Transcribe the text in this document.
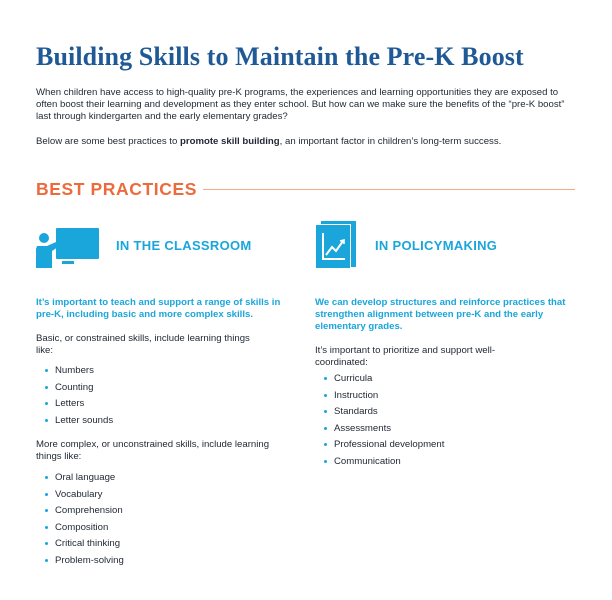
Building Skills to Maintain the Pre-K Boost

When children have access to high-quality pre-K programs, the experiences and learning opportunities they are exposed to often boost their learning and development as they enter school. But how can we make sure the benefits of the “pre-K boost” last through kindergarten and the early elementary grades?

Below are some best practices to promote skill building, an important factor in children’s long-term success.

BEST PRACTICES
IN THE CLASSROOM

It’s important to teach and support a range of skills in pre-K, including basic and more complex skills.

Basic, or constrained skills, include learning things like:

Numbers
Counting
Letters
Letter sounds

More complex, or unconstrained skills, include learning things like:

Oral language
Vocabulary
Comprehension
Composition
Critical thinking
Problem-solving
IN POLICYMAKING

We can develop structures and reinforce practices that strengthen alignment between pre-K and the early elementary grades.

It’s important to prioritize and support well-coordinated:

Curricula
Instruction
Standards
Assessments
Professional development
Communication
